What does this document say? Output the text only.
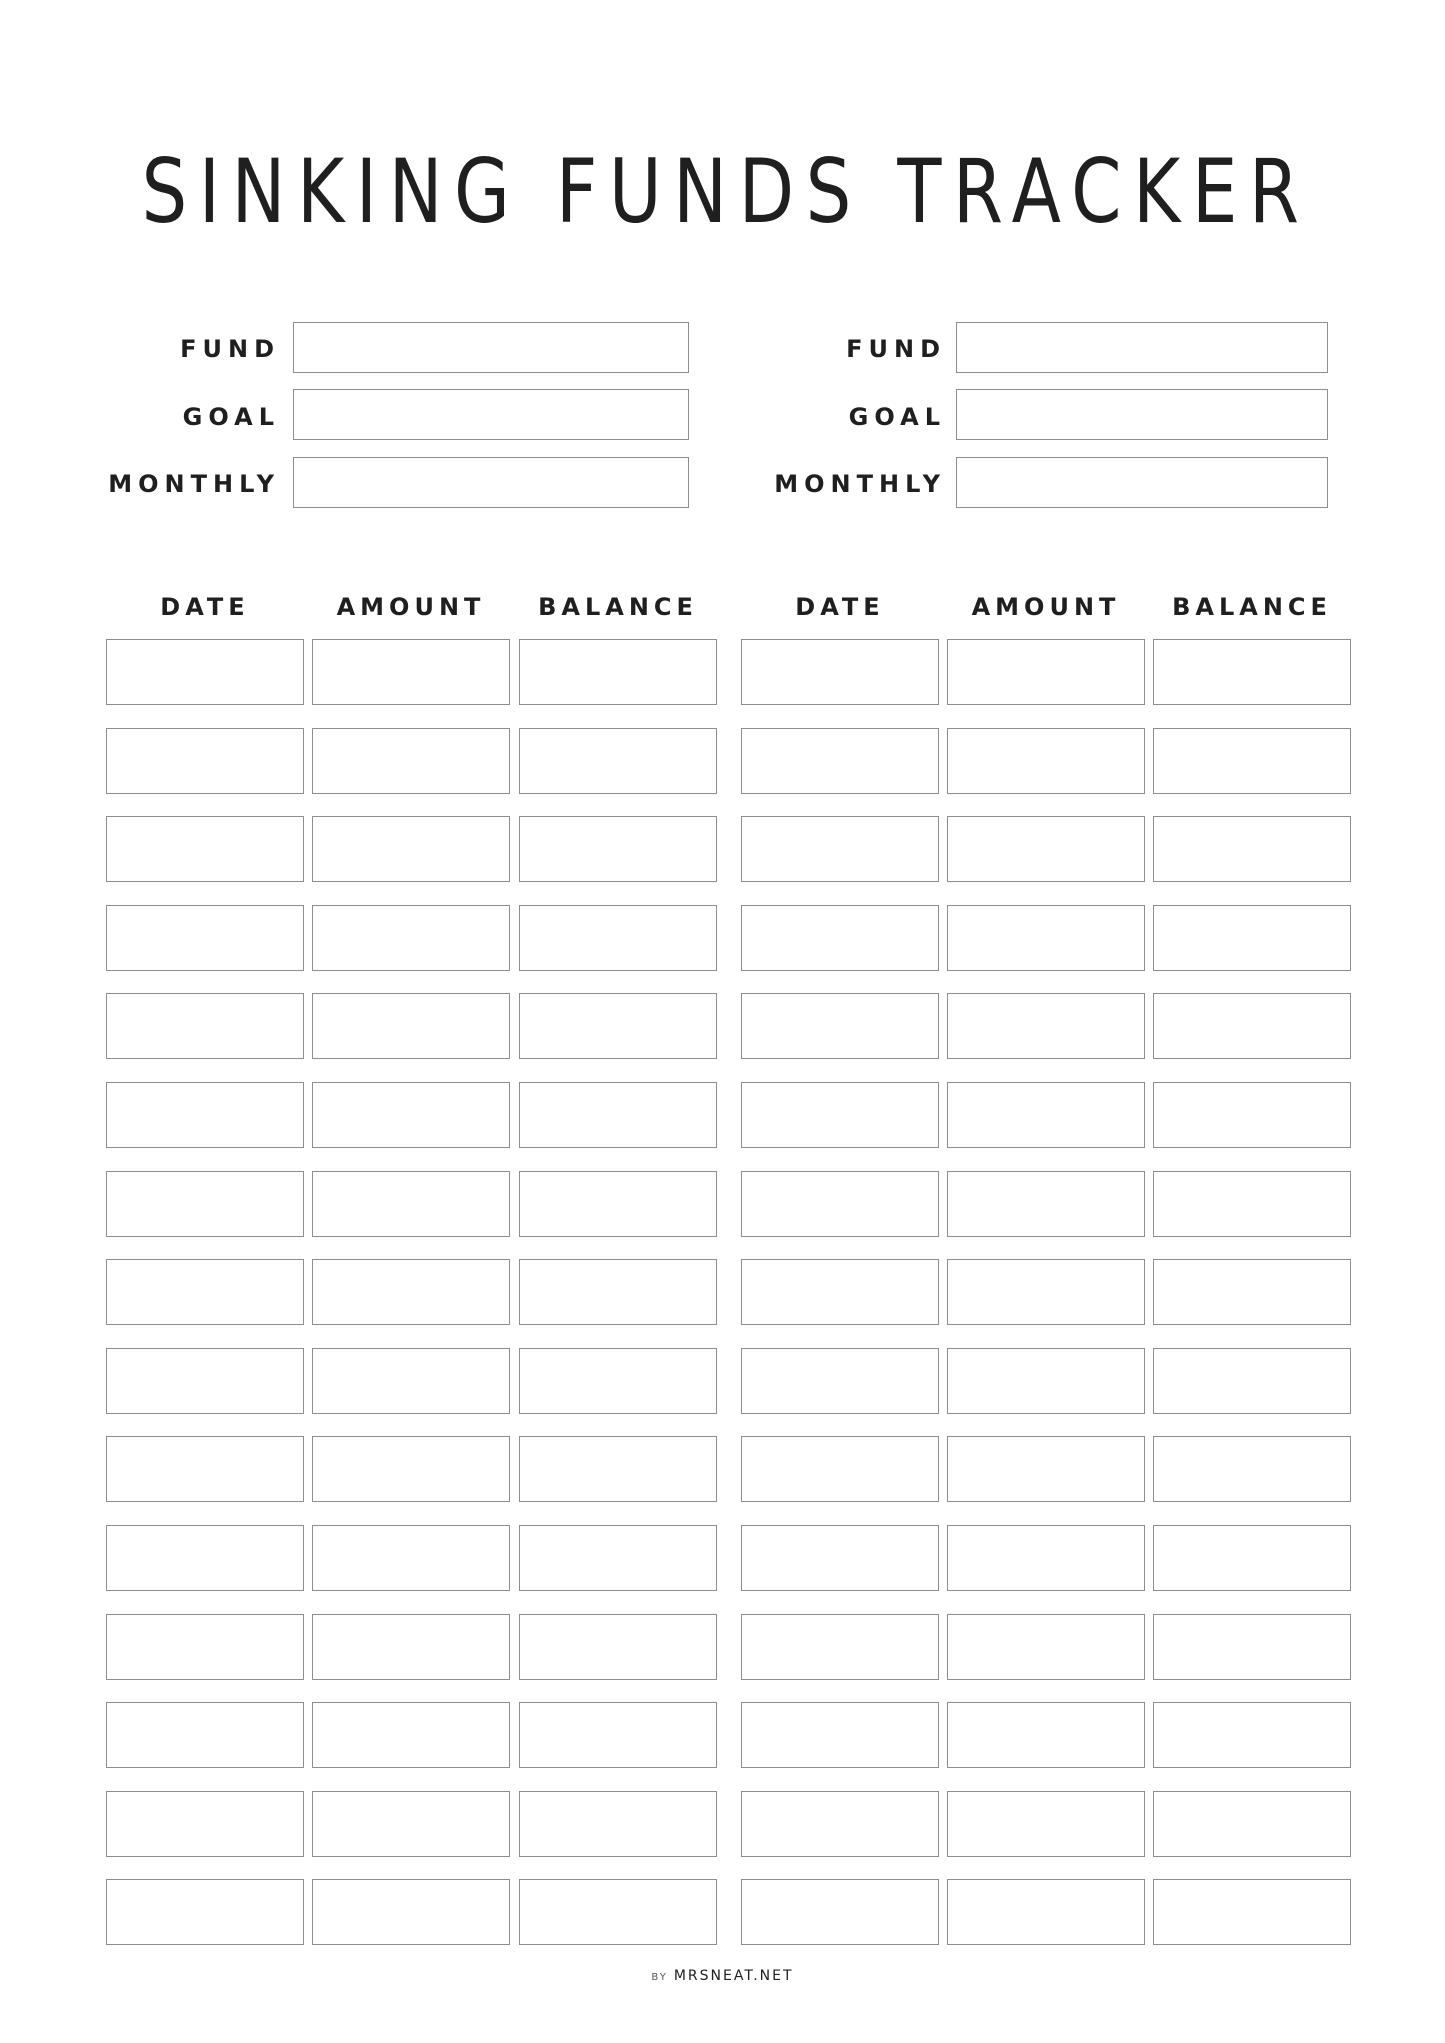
SINKING FUNDS TRACKER
FUND
GOAL
MONTHLY
FUND
GOAL
MONTHLY
DATE	AMOUNT	BALANCE	DATE	AMOUNT	BALANCE
BY MRSNEAT.NET
